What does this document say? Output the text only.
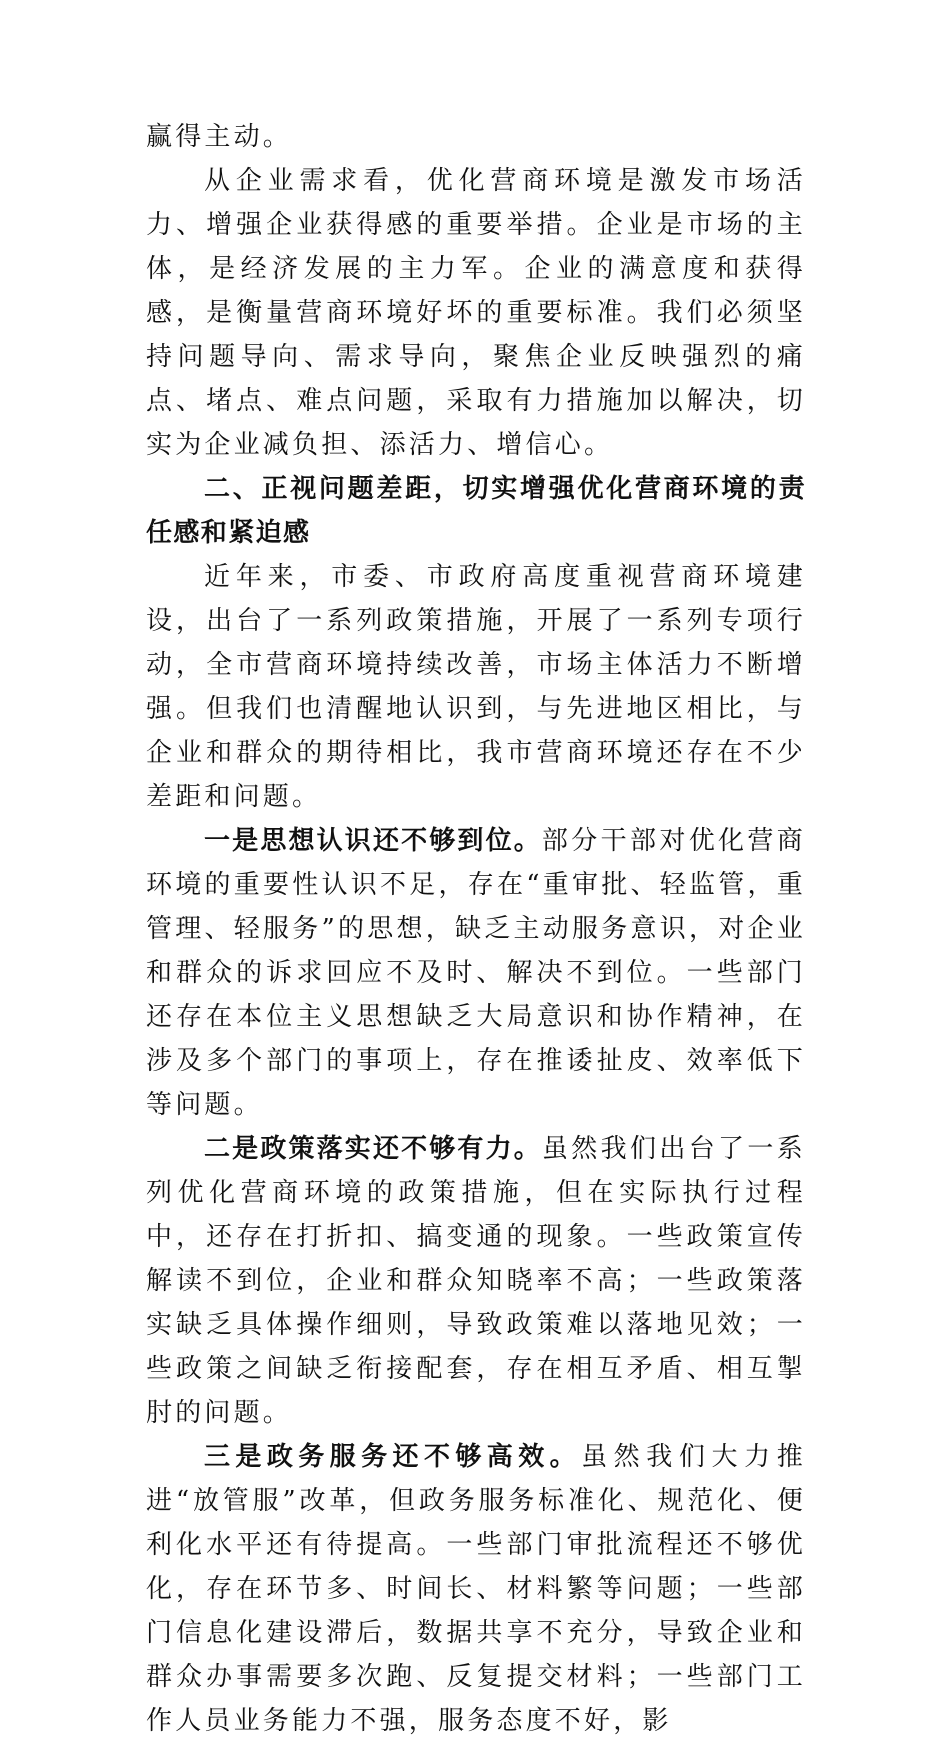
赢得主动。

从企业需求看，优化营商环境是激发市场活力、增强企业获得感的重要举措。企业是市场的主体，是经济发展的主力军。企业的满意度和获得感，是衡量营商环境好坏的重要标准。我们必须坚持问题导向、需求导向，聚焦企业反映强烈的痛点、堵点、难点问题，采取有力措施加以解决，切实为企业减负担、添活力、增信心。

二、正视问题差距，切实增强优化营商环境的责任感和紧迫感

近年来，市委、市政府高度重视营商环境建设，出台了一系列政策措施，开展了一系列专项行动，全市营商环境持续改善，市场主体活力不断增强。但我们也清醒地认识到，与先进地区相比，与企业和群众的期待相比，我市营商环境还存在不少差距和问题。

一是思想认识还不够到位。部分干部对优化营商环境的重要性认识不足，存在“重审批、轻监管，重管理、轻服务”的思想，缺乏主动服务意识，对企业和群众的诉求回应不及时、解决不到位。一些部门还存在本位主义思想缺乏大局意识和协作精神，在涉及多个部门的事项上，存在推诿扯皮、效率低下等问题。

二是政策落实还不够有力。虽然我们出台了一系列优化营商环境的政策措施，但在实际执行过程中，还存在打折扣、搞变通的现象。一些政策宣传解读不到位，企业和群众知晓率不高；一些政策落实缺乏具体操作细则，导致政策难以落地见效；一些政策之间缺乏衔接配套，存在相互矛盾、相互掣肘的问题。

三是政务服务还不够高效。虽然我们大力推进“放管服”改革，但政务服务标准化、规范化、便利化水平还有待提高。一些部门审批流程还不够优化，存在环节多、时间长、材料繁等问题；一些部门信息化建设滞后，数据共享不充分，导致企业和群众办事需要多次跑、反复提交材料；一些部门工作人员业务能力不强，服务态度不好，影
